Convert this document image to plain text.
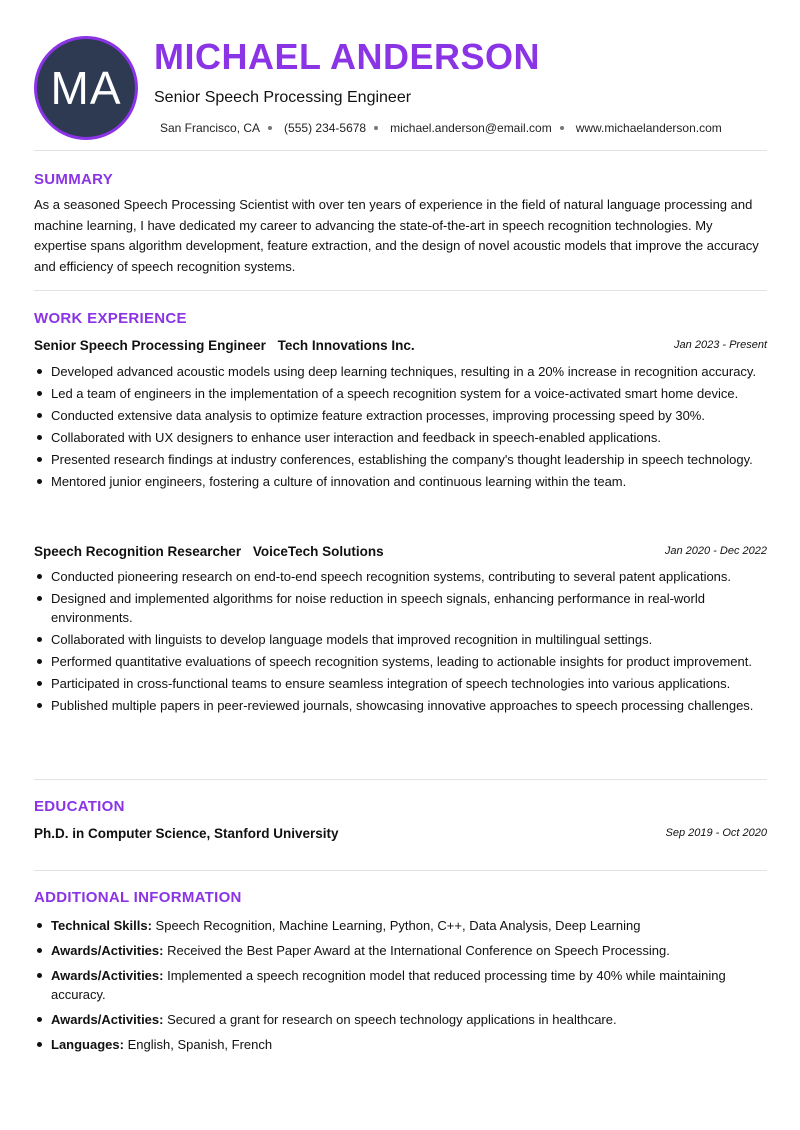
MA
MICHAEL ANDERSON
Senior Speech Processing Engineer
San Francisco, CA (555) 234-5678 michael.anderson@email.com www.michaelanderson.com
SUMMARY

As a seasoned Speech Processing Scientist with over ten years of experience in the field of natural language processing and machine learning, I have dedicated my career to advancing the state-of-the-art in speech recognition technologies. My expertise spans algorithm development, feature extraction, and the design of novel acoustic models that improve the accuracy and efficiency of speech recognition systems.

WORK EXPERIENCE
Senior Speech Processing Engineer Tech Innovations Inc.	Jan 2023 - Present
Developed advanced acoustic models using deep learning techniques, resulting in a 20% increase in recognition accuracy.
Led a team of engineers in the implementation of a speech recognition system for a voice-activated smart home device.
Conducted extensive data analysis to optimize feature extraction processes, improving processing speed by 30%.
Collaborated with UX designers to enhance user interaction and feedback in speech-enabled applications.
Presented research findings at industry conferences, establishing the company's thought leadership in speech technology.
Mentored junior engineers, fostering a culture of innovation and continuous learning within the team.
Speech Recognition Researcher VoiceTech Solutions	Jan 2020 - Dec 2022
Conducted pioneering research on end-to-end speech recognition systems, contributing to several patent applications.
Designed and implemented algorithms for noise reduction in speech signals, enhancing performance in real-world environments.
Collaborated with linguists to develop language models that improved recognition in multilingual settings.
Performed quantitative evaluations of speech recognition systems, leading to actionable insights for product improvement.
Participated in cross-functional teams to ensure seamless integration of speech technologies into various applications.
Published multiple papers in peer-reviewed journals, showcasing innovative approaches to speech processing challenges.
EDUCATION
Ph.D. in Computer Science, Stanford University	Sep 2019 - Oct 2020
ADDITIONAL INFORMATION
Technical Skills: Speech Recognition, Machine Learning, Python, C++, Data Analysis, Deep Learning
Awards/Activities: Received the Best Paper Award at the International Conference on Speech Processing.
Awards/Activities: Implemented a speech recognition model that reduced processing time by 40% while maintaining accuracy.
Awards/Activities: Secured a grant for research on speech technology applications in healthcare.
Languages: English, Spanish, French
